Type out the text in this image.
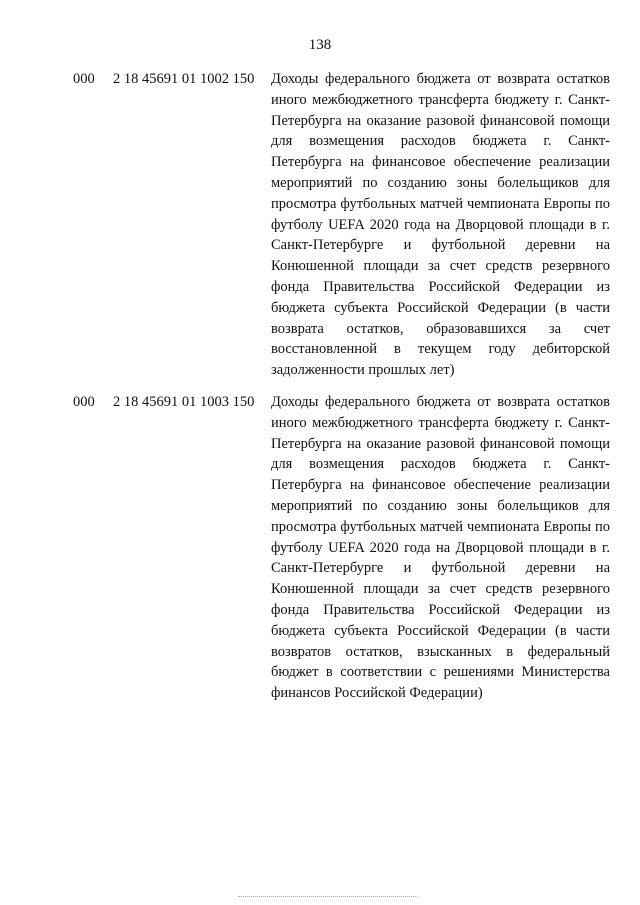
138
000 2 18 45691 01 1002 150 Доходы федерального бюджета от возврата остатков иного межбюджетного трансферта бюджету г. Санкт-Петербурга на оказание разовой финансовой помощи для возмещения расходов бюджета г. Санкт-Петербурга на финансовое обеспечение реализации мероприятий по созданию зоны болельщиков для просмотра футбольных матчей чемпионата Европы по футболу UEFA 2020 года на Дворцовой площади в г. Санкт-Петербурге и футбольной деревни на Конюшенной площади за счет средств резервного фонда Правительства Российской Федерации из бюджета субъекта Российской Федерации (в части возврата остатков, образовавшихся за счет восстановленной в текущем году дебиторской задолженности прошлых лет)
000 2 18 45691 01 1003 150 Доходы федерального бюджета от возврата остатков иного межбюджетного трансферта бюджету г. Санкт-Петербурга на оказание разовой финансовой помощи для возмещения расходов бюджета г. Санкт-Петербурга на финансовое обеспечение реализации мероприятий по созданию зоны болельщиков для просмотра футбольных матчей чемпионата Европы по футболу UEFA 2020 года на Дворцовой площади в г. Санкт-Петербурге и футбольной деревни на Конюшенной площади за счет средств резервного фонда Правительства Российской Федерации из бюджета субъекта Российской Федерации (в части возвратов остатков, взысканных в федеральный бюджет в соответствии с решениями Министерства финансов Российской Федерации)
